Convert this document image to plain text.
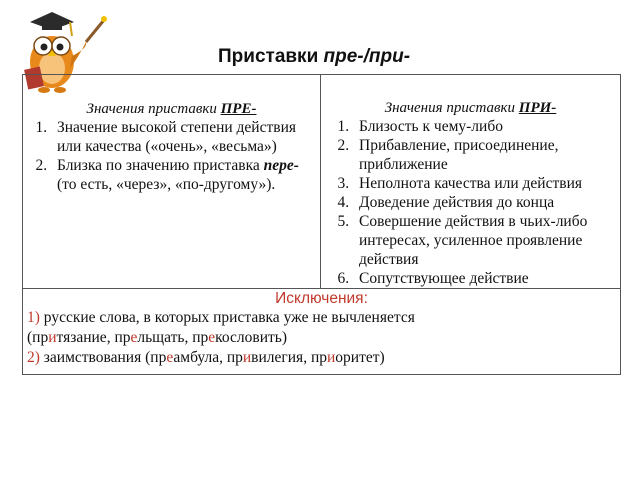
Приставки пре-/при-
Значения приставки ПРЕ-
1. Значение высокой степени действия или качества («очень», «весьма»)
2. Близка по значению приставка пере- (то есть, «через», «по-другому»).

Значения приставки ПРИ-
1. Близость к чему-либо
2. Прибавление, присоединение, приближение
3. Неполнота качества или действия
4. Доведение действия до конца
5. Совершение действия в чьих-либо интересах, усиленное проявление действия
6. Сопутствующее действие

Исключения:
1) русские слова, в которых приставка уже не вычленяется
(притязание, прельщать, прекословить)
2) заимствования (преамбула, привилегия, приоритет)
